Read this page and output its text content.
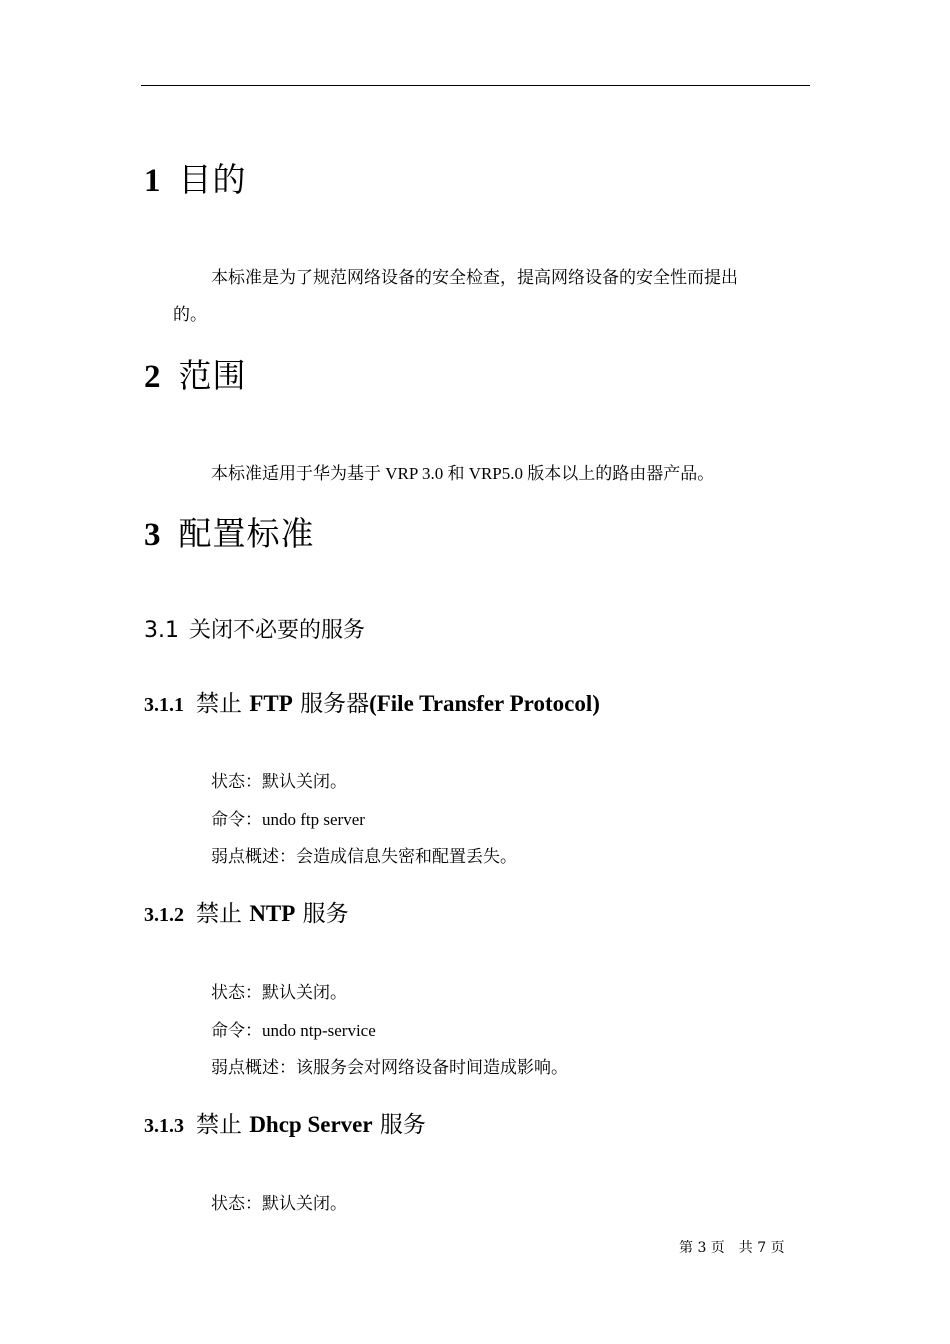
1 目的
本标准是为了规范网络设备的安全检查，提高网络设备的安全性而提出
的。
2 范围
本标准适用于华为基于 VRP 3.0 和 VRP5.0 版本以上的路由器产品。
3 配置标准
3.1 关闭不必要的服务
3.1.1 禁止 FTP 服务器(File Transfer Protocol)
状态：默认关闭。
命令：undo ftp server
弱点概述：会造成信息失密和配置丢失。
3.1.2 禁止 NTP 服务
状态：默认关闭。
命令：undo ntp-service
弱点概述：该服务会对网络设备时间造成影响。
3.1.3 禁止 Dhcp Server 服务
状态：默认关闭。
第 3 页　共 7 页
